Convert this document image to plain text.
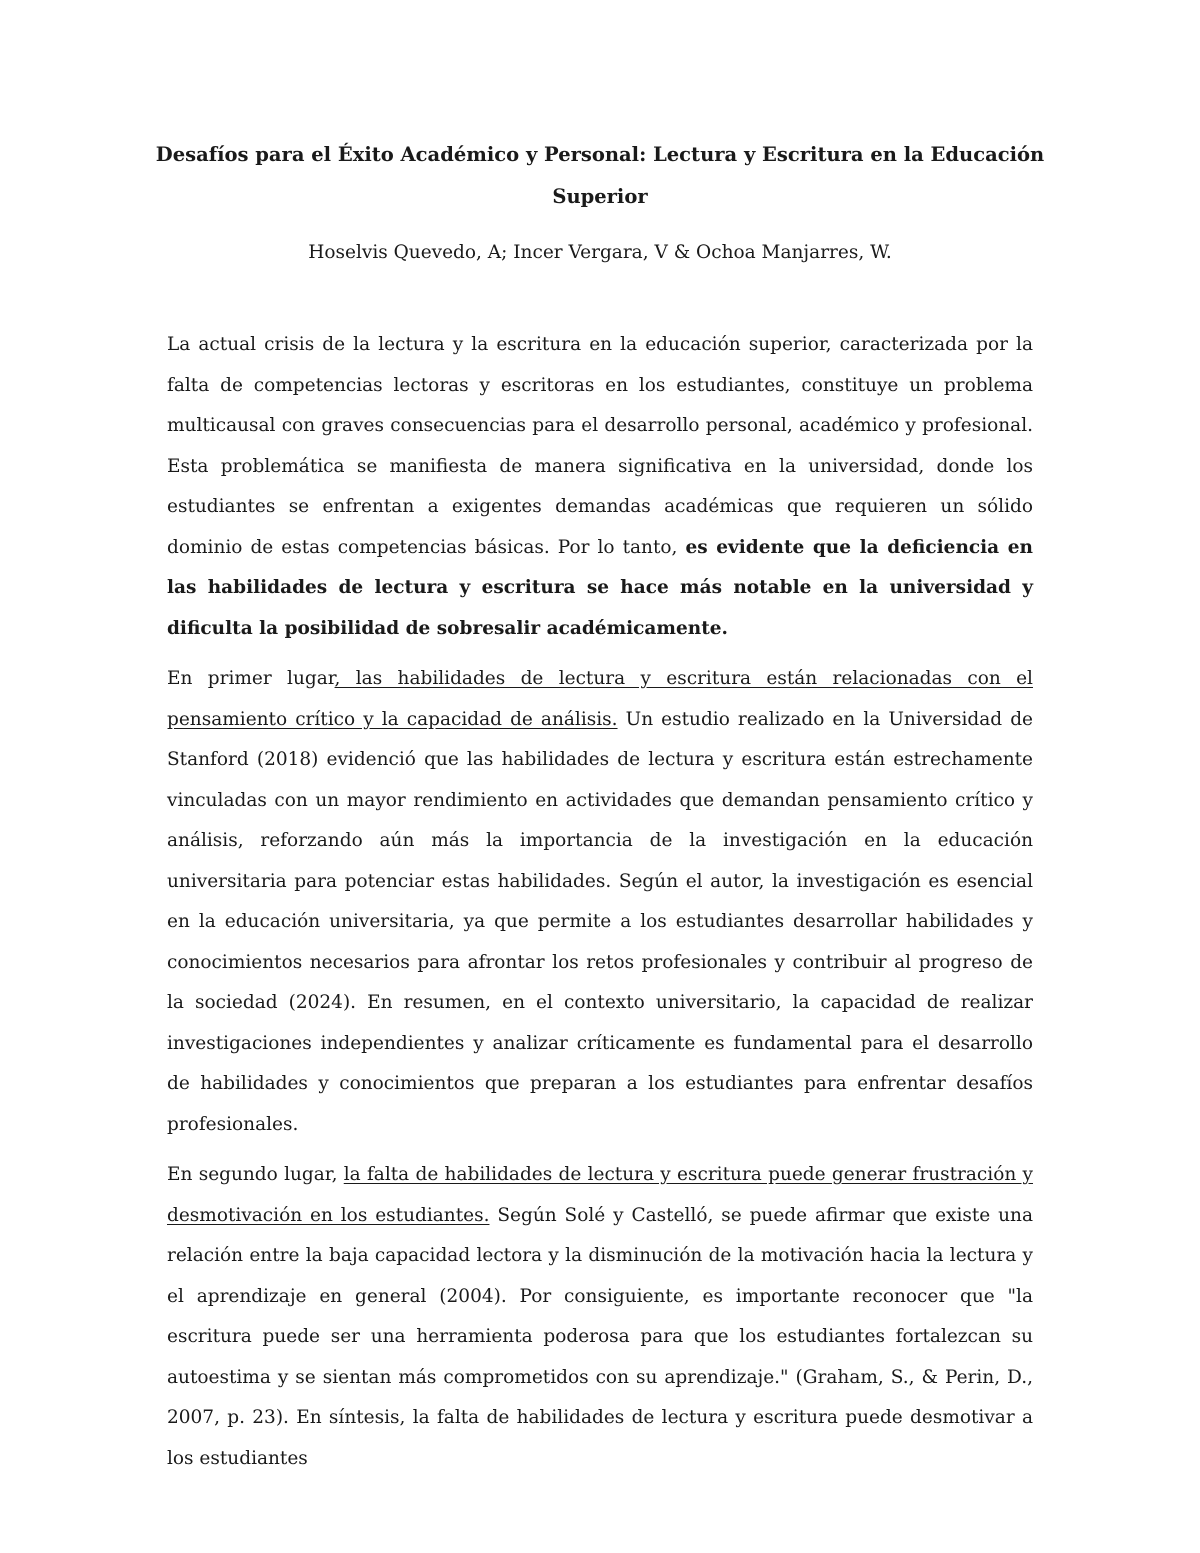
Desafíos para el Éxito Académico y Personal: Lectura y Escritura en la Educación
Superior

Hoselvis Quevedo, A; Incer Vergara, V & Ochoa Manjarres, W.

La actual crisis de la lectura y la escritura en la educación superior, caracterizada por la falta de competencias lectoras y escritoras en los estudiantes, constituye un problema multicausal con graves consecuencias para el desarrollo personal, académico y profesional. Esta problemática se manifiesta de manera significativa en la universidad, donde los estudiantes se enfrentan a exigentes demandas académicas que requieren un sólido dominio de estas competencias básicas. Por lo tanto, es evidente que la deficiencia en las habilidades de lectura y escritura se hace más notable en la universidad y dificulta la posibilidad de sobresalir académicamente.

En primer lugar, las habilidades de lectura y escritura están relacionadas con el pensamiento crítico y la capacidad de análisis. Un estudio realizado en la Universidad de Stanford (2018) evidenció que las habilidades de lectura y escritura están estrechamente vinculadas con un mayor rendimiento en actividades que demandan pensamiento crítico y análisis, reforzando aún más la importancia de la investigación en la educación universitaria para potenciar estas habilidades. Según el autor, la investigación es esencial en la educación universitaria, ya que permite a los estudiantes desarrollar habilidades y conocimientos necesarios para afrontar los retos profesionales y contribuir al progreso de la sociedad (2024). En resumen, en el contexto universitario, la capacidad de realizar investigaciones independientes y analizar críticamente es fundamental para el desarrollo de habilidades y conocimientos que preparan a los estudiantes para enfrentar desafíos profesionales.

En segundo lugar, la falta de habilidades de lectura y escritura puede generar frustración y desmotivación en los estudiantes. Según Solé y Castelló, se puede afirmar que existe una relación entre la baja capacidad lectora y la disminución de la motivación hacia la lectura y el aprendizaje en general (2004). Por consiguiente, es importante reconocer que "la escritura puede ser una herramienta poderosa para que los estudiantes fortalezcan su autoestima y se sientan más comprometidos con su aprendizaje." (Graham, S., & Perin, D., 2007, p. 23). En síntesis, la falta de habilidades de lectura y escritura puede desmotivar a los estudiantes
